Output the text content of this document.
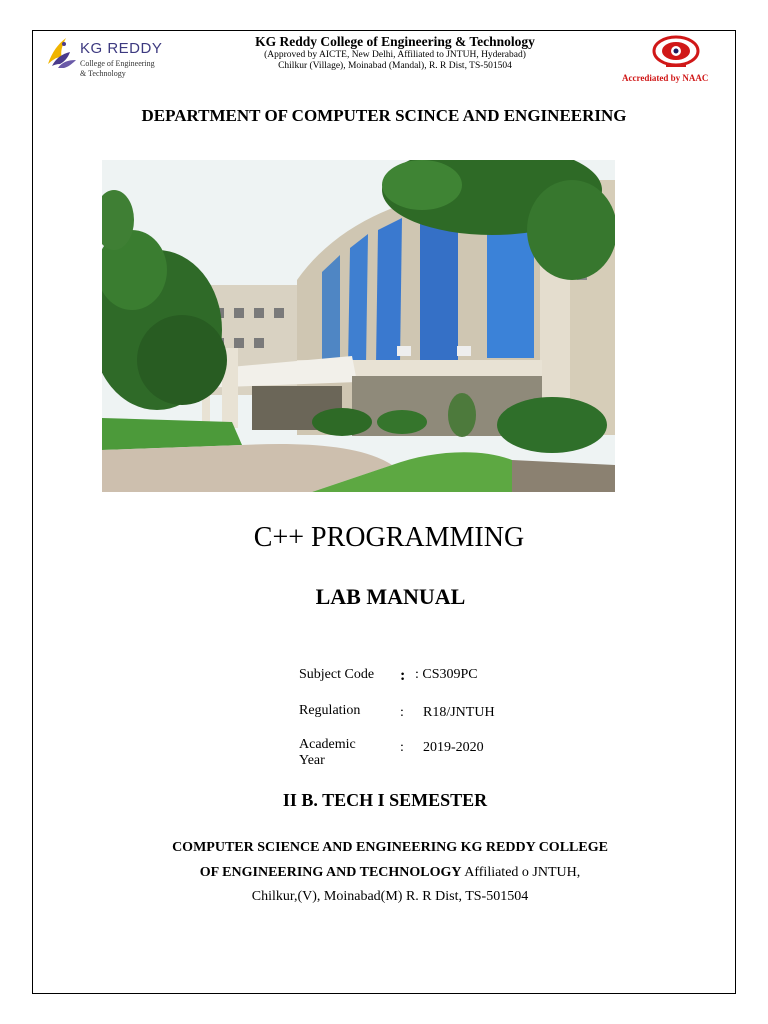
KG REDDY
College of Engineering
& Technology
KG Reddy College of Engineering & Technology
(Approved by AICTE, New Delhi, Affiliated to JNTUH, Hyderabad)
Chilkur (Village), Moinabad (Mandal), R. R Dist, TS-501504
Accrediated by NAAC
DEPARTMENT OF COMPUTER SCINCE AND ENGINEERING
C++ PROGRAMMING
LAB MANUAL
Subject Code : : CS309PC
Regulation	: R18/JNTUH
Academic Year
: 2019-2020
II B. TECH I SEMESTER
COMPUTER SCIENCE AND ENGINEERING KG REDDY COLLEGE
OF ENGINEERING AND TECHNOLOGY Affiliated o JNTUH,
Chilkur,(V), Moinabad(M) R. R Dist, TS-501504
